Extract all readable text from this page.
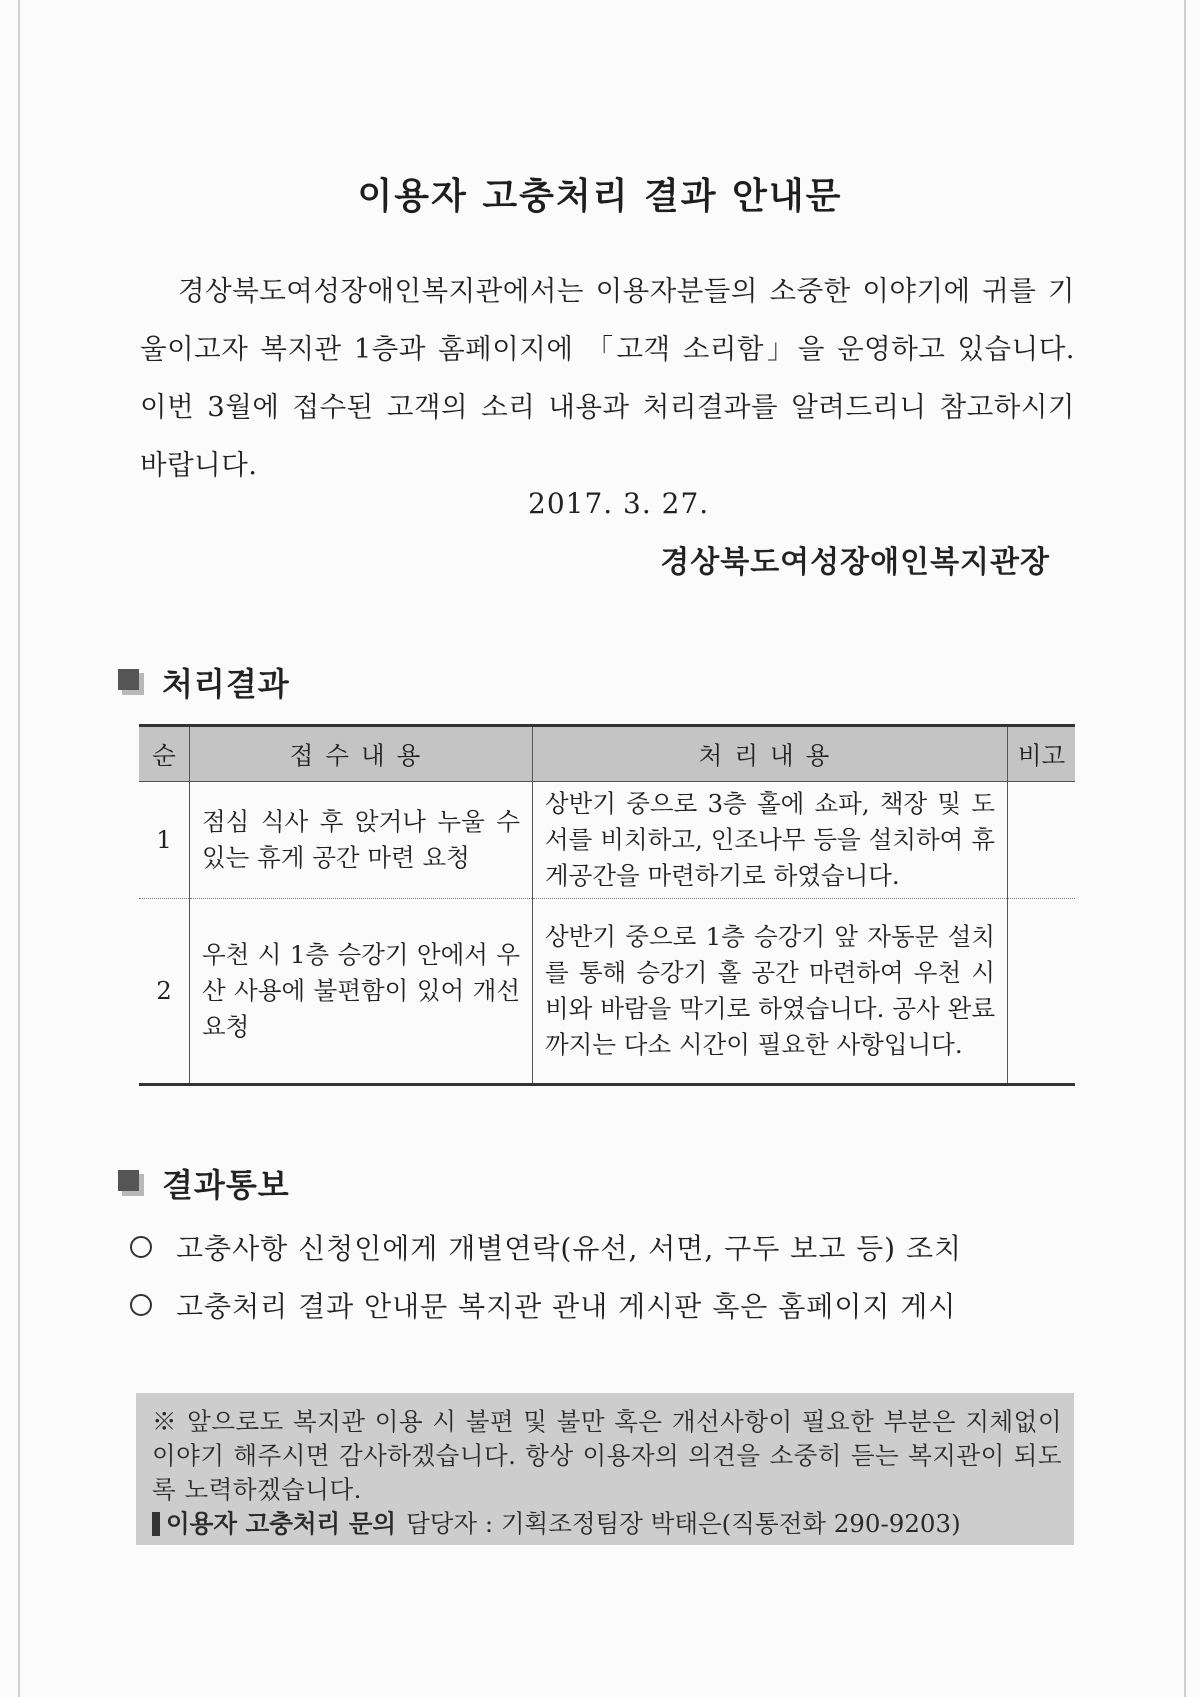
이용자 고충처리 결과 안내문

경상북도여성장애인복지관에서는 이용자분들의 소중한 이야기에 귀를 기울이고자 복지관 1층과 홈페이지에 「고객 소리함」을 운영하고 있습니다. 이번 3월에 접수된 고객의 소리 내용과 처리결과를 알려드리니 참고하시기 바랍니다.

2017. 3. 27.
경상북도여성장애인복지관장
처리결과
순	접수내용	처리내용	비고
1	점심 식사 후 앉거나 누울 수 있는 휴게 공간 마련 요청	상반기 중으로 3층 홀에 쇼파, 책장 및 도서를 비치하고, 인조나무 등을 설치하여 휴게공간을 마련하기로 하였습니다.	
2	우천 시 1층 승강기 안에서 우산 사용에 불편함이 있어 개선 요청	상반기 중으로 1층 승강기 앞 자동문 설치를 통해 승강기 홀 공간 마련하여 우천 시 비와 바람을 막기로 하였습니다. 공사 완료까지는 다소 시간이 필요한 사항입니다.	
결과통보
고충사항 신청인에게 개별연락(유선, 서면, 구두 보고 등) 조치
고충처리 결과 안내문 복지관 관내 게시판 혹은 홈페이지 게시

※ 앞으로도 복지관 이용 시 불편 및 불만 혹은 개선사항이 필요한 부분은 지체없이 이야기 해주시면 감사하겠습니다. 항상 이용자의 의견을 소중히 듣는 복지관이 되도록 노력하겠습니다.

이용자 고충처리 문의 담당자 : 기획조정팀장 박태은(직통전화 290-9203)
